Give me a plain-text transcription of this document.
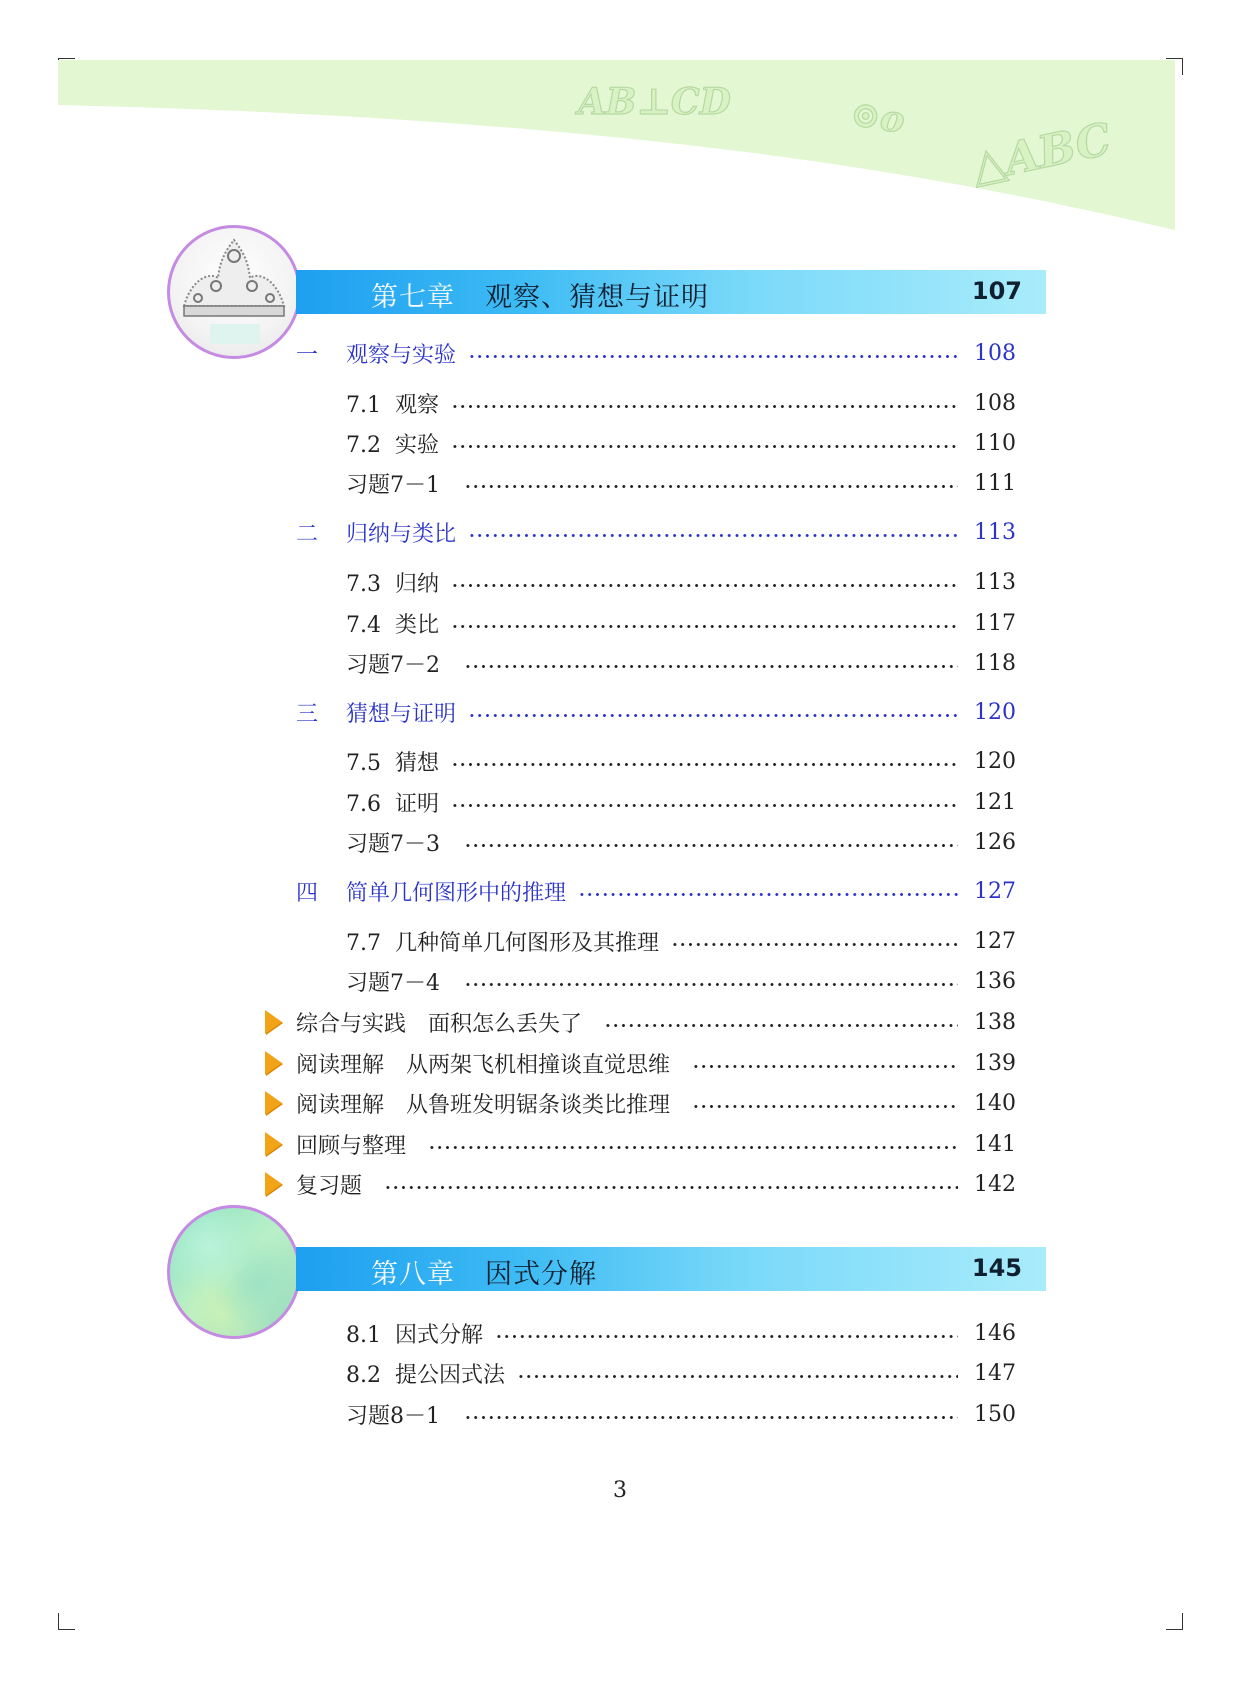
AB⊥CD	⊙o △ABC
第七章 观察、猜想与证明	107
一	观察与实验	108
7.1  观察	108
7.2  实验	110
习题7－1	111
二	归纳与类比	113
7.3  归纳	113
7.4  类比	117
习题7－2	118
三	猜想与证明	120
7.5  猜想	120
7.6  证明	121
习题7－3	126
四	简单几何图形中的推理	127
7.7  几种简单几何图形及其推理	127
习题7－4	136
综合与实践　面积怎么丢失了	138
阅读理解　从两架飞机相撞谈直觉思维	139
阅读理解　从鲁班发明锯条谈类比推理	140
回顾与整理	141
复习题	142
第八章 因式分解	145
8.1  因式分解	146
8.2  提公因式法	147
习题8－1	150
3
